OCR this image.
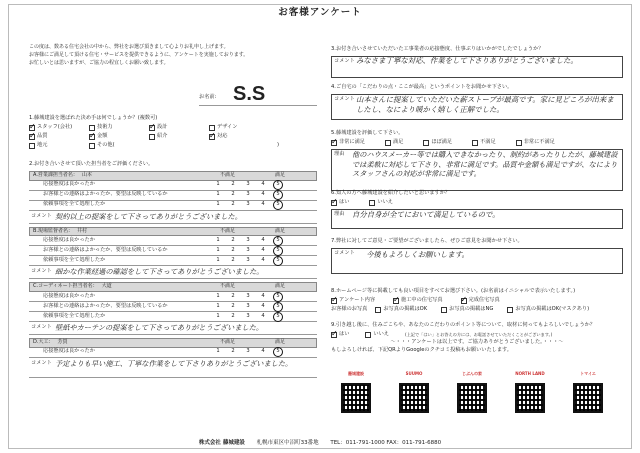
お客様アンケート
この度は、数ある住宅会社の中から、弊社をお選び頂きまして心よりお礼申し上げます。
お客様にご満足して頂ける住宅・サービスを提供できるように、アンケートを実施しております。
お忙しいとは思いますが、ご協力の程宜しくお願い致します。
お名前: S.S
1.藤城建設を選ばれた決め手は何でしょうか？(複数可)
✓
スタッフ(会社)	技術力 ✓	設計	デザイン
✓
品質 ✓	金額	紹介 ✓	対応
地元	その他(	)
2.お付き合いさせて頂いた担当者をご評価ください。
A.営業課担当者名： 山本	不満足	満足
応接態度は良かったか	1	2	3	4	5
お客様との連絡はよかったか、要望は反映しているか	1	2	3	4	5
依頼事項を全て処理したか	1	2	3	4	5
コメント 契約以上の提案をして下さってありがとうございました。
B.現場監督者名： 井村	不満足	満足
応接態度は良かったか	1	2	3	4	5
お客様との連絡はよかったか、要望は反映しているか	1	2	3	4	5
依頼事項を全て処理したか	1	2	3	4	5
コメント 細かな作業経過の確認をして下さってありがとうございました。
C.コーディネート担当者名： 大道	不満足	満足
応接態度は良かったか	1	2	3	4	5
お客様との連絡はよかったか、要望は反映しているか	1	2	3	4	5
依頼事項を全て処理したか	1	2	3	4	5
コメント 壁紙やカーテンの提案をして下さってありがとうございました。
D.大工： 芳賀	不満足	満足
応接態度は良かったか	1	2	3	4	5
コメント 予定よりも早い施工、丁寧な作業をして下さりありがとうございました。
3.お付き合いさせていただいた工事業者の応接態度、仕事ぶりはいかがでしたでしょうか？
コメント みなさま丁寧な対応、作業をして下さりありがとうございました。
4.ご自宅の「こだわりの点・ここが最高」というポイントをお聞かせ下さい。
コメント 山本さんに提案していただいた薪ストーブが最高です。家に見どころが出来ましたし、なにより暖かく嬉しく正解でした。
5.藤城建設を評価して下さい。
✓
非常に満足	満足	ほぼ満足	不満足	非常に不満足
理由 他のハウスメーカー等では購入できなかったり、制約があったりしたが、藤城建設では柔軟に対応して下さり、非常に満足です。品質や金額も満足ですが、なによりスタッフさんの対応が非常に満足です。
6.知人の方へ藤城建設を紹介したいと思いますか？
✓
はい	いいえ
理由 自分自身が全てにおいて満足しているので。
7.弊社に対してご意見・ご要望がございましたら、ぜひご意見をお聞かせ下さい。
コメント 今後もよろしくお願いします。
8.ホームページ等に掲載しても良い項目をすべてお選び下さい。(お名前はイニシャルで表示いたします。)
✓
アンケート内容 ✓	施工中の住宅写真 ✓	完成住宅写真
お客様のお写真	お写真の掲載はOK	お写真の掲載はNG	お写真の掲載はOK(マスクあり)
9.引き越し後に、住みごこちや、あなたのこだわりのポイント等について、取材に伺ってもよろしいでしょうか？
✓
はい	いいえ	(上記で「はい」とお答えの方には、お電話させていただくことがございます。)
～・・・アンケートは以上です。ご協力ありがとうございました。・・・～
もしよろしければ、下記QRよりGoogleのクチコミ投稿もお願いいたします。
藤城建設	SUUMO	じぶんの家	NORTH LAND	トマイエ
株式会社 藤城建設 札幌市東区中沼町33番地 TEL：011-791-1000 FAX：011-791-6880
